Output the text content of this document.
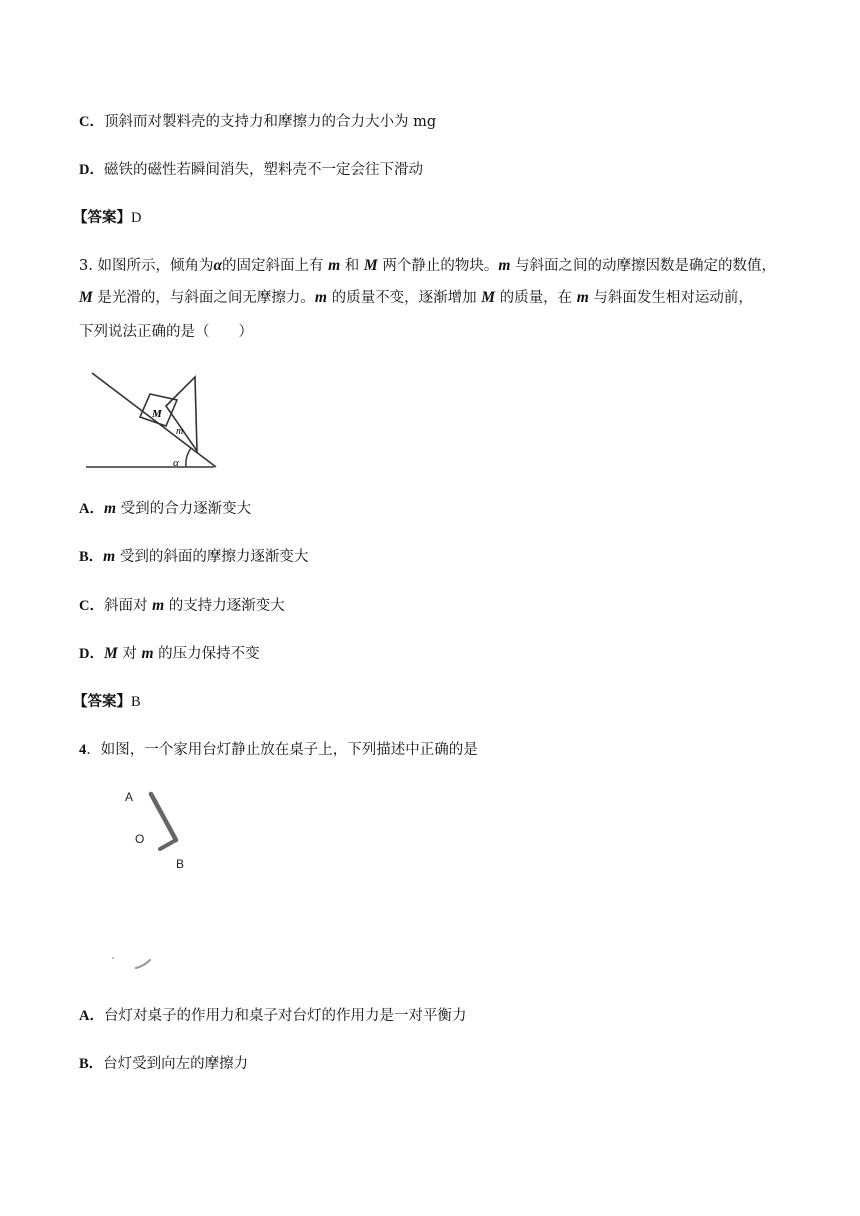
C．顶斜而对製料壳的支持力和摩擦力的合力大小为 mg
D．磁铁的磁性若瞬间消失，塑料壳不一定会往下滑动
【答案】D
3. 如图所示，倾角为α的固定斜面上有 m 和 M 两个静止的物块。m 与斜面之间的动摩擦因数是确定的数值，
M 是光滑的，与斜面之间无摩擦力。m 的质量不变，逐渐增加 M 的质量，在 m 与斜面发生相对运动前，
下列说法正确的是（　　）
M
m
α
A．m 受到的合力逐渐变大
B．m 受到的斜面的摩擦力逐渐变大
C．斜面对 m 的支持力逐渐变大
D．M 对 m 的压力保持不变
【答案】B
4．如图，一个家用台灯静止放在桌子上，下列描述中正确的是
A
O
B
A．台灯对桌子的作用力和桌子对台灯的作用力是一对平衡力
B．台灯受到向左的摩擦力
